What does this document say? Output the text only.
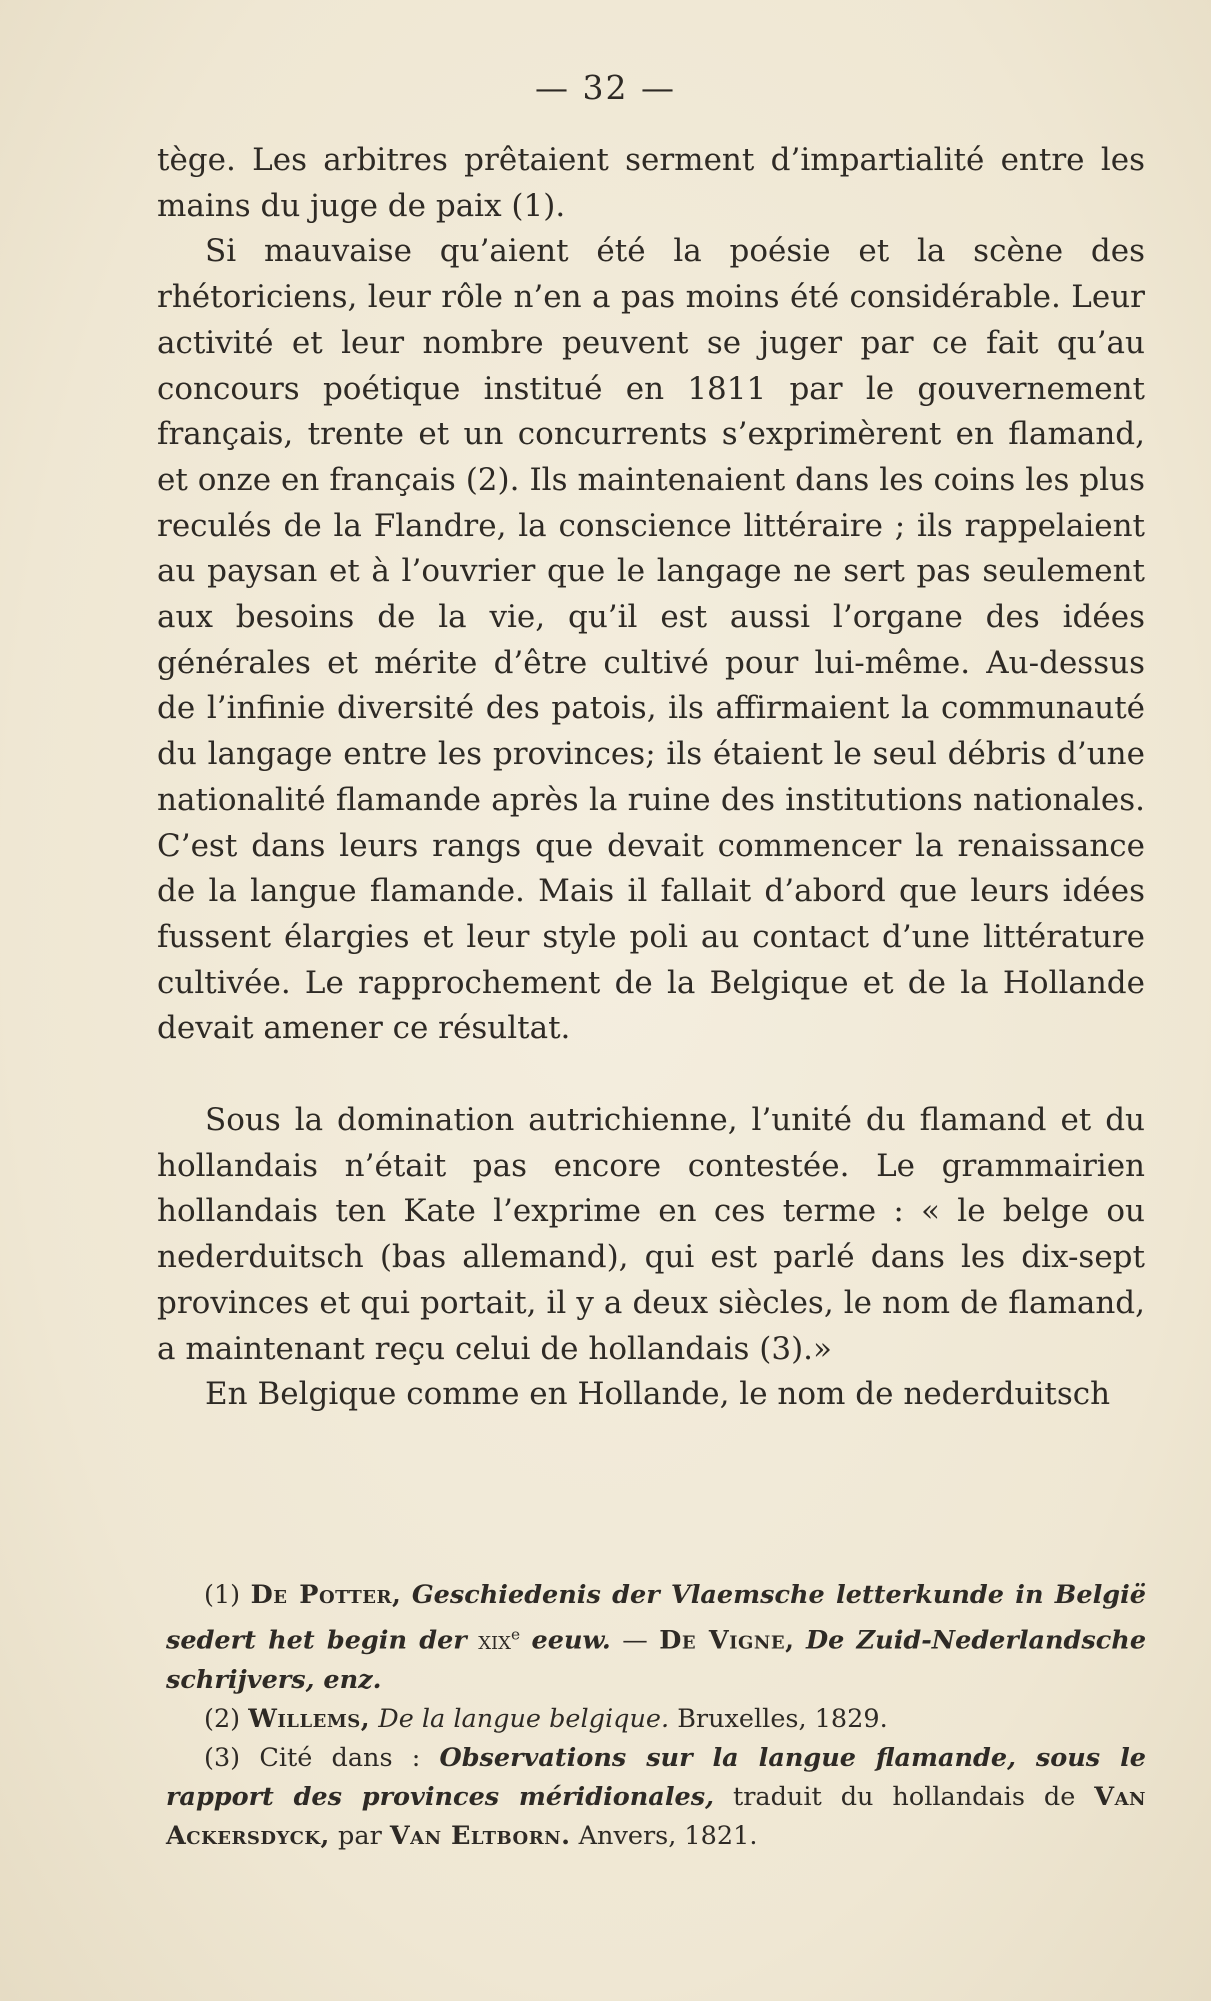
— 32 —

tège. Les arbitres prêtaient serment d’impartialité entre les mains du juge de paix (1).

Si mauvaise qu’aient été la poésie et la scène des rhétoriciens, leur rôle n’en a pas moins été considérable. Leur activité et leur nombre peuvent se juger par ce fait qu’au concours poétique institué en 1811 par le gouvernement français, trente et un concurrents s’exprimèrent en flamand, et onze en français (2). Ils maintenaient dans les coins les plus reculés de la Flandre, la conscience littéraire ; ils rappelaient au paysan et à l’ouvrier que le langage ne sert pas seulement aux besoins de la vie, qu’il est aussi l’organe des idées générales et mérite d’être cultivé pour lui-même. Au-dessus de l’infinie diversité des patois, ils affirmaient la communauté du langage entre les provinces; ils étaient le seul débris d’une nationalité flamande après la ruine des institutions nationales. C’est dans leurs rangs que devait commencer la renaissance de la langue flamande. Mais il fallait d’abord que leurs idées fussent élargies et leur style poli au contact d’une littérature cultivée. Le rapprochement de la Belgique et de la Hollande devait amener ce résultat.

Sous la domination autrichienne, l’unité du flamand et du hollandais n’était pas encore contestée. Le grammairien hollandais ten Kate l’exprime en ces terme : « le belge ou nederduitsch (bas allemand), qui est parlé dans les dix-sept provinces et qui portait, il y a deux siècles, le nom de flamand, a maintenant reçu celui de hollandais (3).»

En Belgique comme en Hollande, le nom de nederduitsch

(1) De Potter, Geschiedenis der Vlaemsche letterkunde in België sedert het begin der xix$^e$ eeuw. — De Vigne, De Zuid-Nederlandsche schrijvers, enz.

(2) Willems, De la langue belgique. Bruxelles, 1829.

(3) Cité dans : Observations sur la langue flamande, sous le rapport des provinces méridionales, traduit du hollandais de Van Ackersdyck, par Van Eltborn. Anvers, 1821.
